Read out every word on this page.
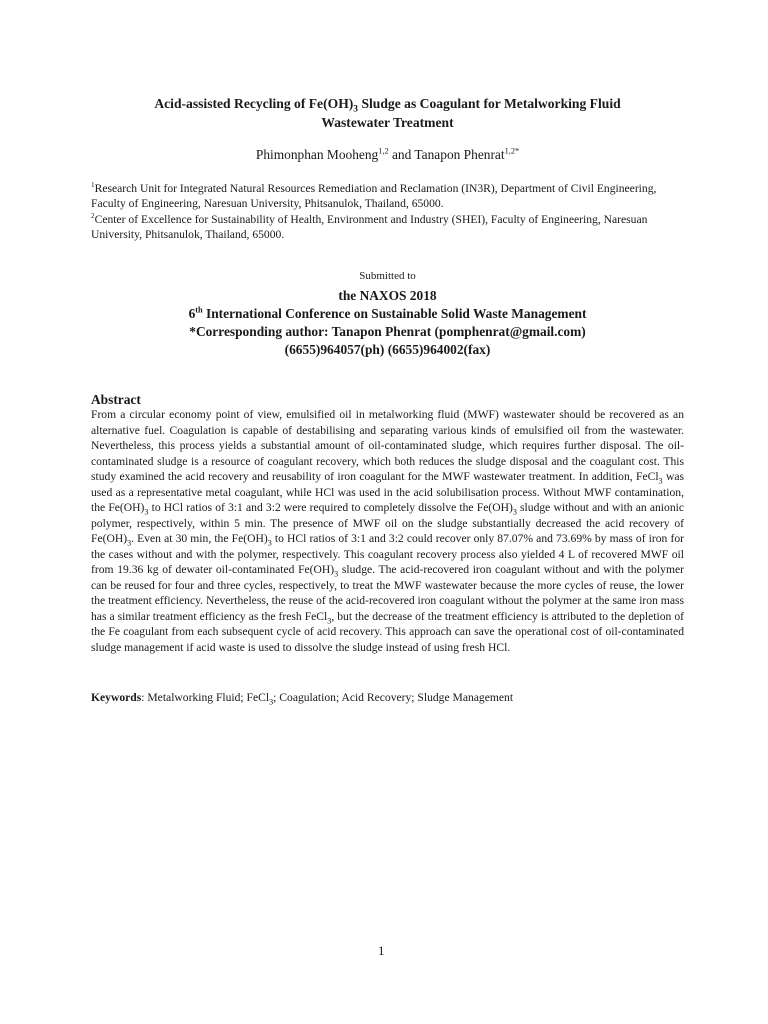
Acid-assisted Recycling of $Fe(OH)_3$ Sludge as Coagulant for Metalworking Fluid
Wastewater Treatment
Phimonphan Mooheng$^{1,2}$ and Tanapon Phenrat$^{1,2*}$
$^1$Research Unit for Integrated Natural Resources Remediation and Reclamation (IN3R), Department of Civil Engineering, Faculty of Engineering, Naresuan University, Phitsanulok, Thailand, 65000.
$^2$Center of Excellence for Sustainability of Health, Environment and Industry (SHEI), Faculty of Engineering, Naresuan University, Phitsanulok, Thailand, 65000.
Submitted to
the NAXOS 2018
6th International Conference on Sustainable Solid Waste Management
*Corresponding author: Tanapon Phenrat (pomphenrat@gmail.com)
(6655)964057(ph) (6655)964002(fax)
Abstract

From a circular economy point of view, emulsified oil in metalworking fluid (MWF) wastewater should be recovered as an alternative fuel. Coagulation is capable of destabilising and separating various kinds of emulsified oil from the wastewater. Nevertheless, this process yields a substantial amount of oil-contaminated sludge, which requires further disposal. The oil-contaminated sludge is a resource of coagulant recovery, which both reduces the sludge disposal and the coagulant cost. This study examined the acid recovery and reusability of iron coagulant for the MWF wastewater treatment. In addition, FeCl$_3$ was used as a representative metal coagulant, while HCl was used in the acid solubilisation process. Without MWF contamination, the $Fe(OH)_3$ to HCl ratios of 3:1 and 3:2 were required to completely dissolve the $Fe(OH)_3$ sludge without and with an anionic polymer, respectively, within 5 min. The presence of MWF oil on the sludge substantially decreased the acid recovery of $Fe(OH)_3$. Even at 30 min, the $Fe(OH)_3$ to HCl ratios of 3:1 and 3:2 could recover only 87.07% and 73.69% by mass of iron for the cases without and with the polymer, respectively. This coagulant recovery process also yielded 4 L of recovered MWF oil from 19.36 kg of dewater oil-contaminated $Fe(OH)_3$ sludge. The acid-recovered iron coagulant without and with the polymer can be reused for four and three cycles, respectively, to treat the MWF wastewater because the more cycles of reuse, the lower the treatment efficiency. Nevertheless, the reuse of the acid-recovered iron coagulant without the polymer at the same iron mass has a similar treatment efficiency as the fresh FeCl$_3$, but the decrease of the treatment efficiency is attributed to the depletion of the Fe coagulant from each subsequent cycle of acid recovery. This approach can save the operational cost of oil-contaminated sludge management if acid waste is used to dissolve the sludge instead of using fresh HCl.

Keywords: Metalworking Fluid; FeCl$_3$; Coagulation; Acid Recovery; Sludge Management
1
